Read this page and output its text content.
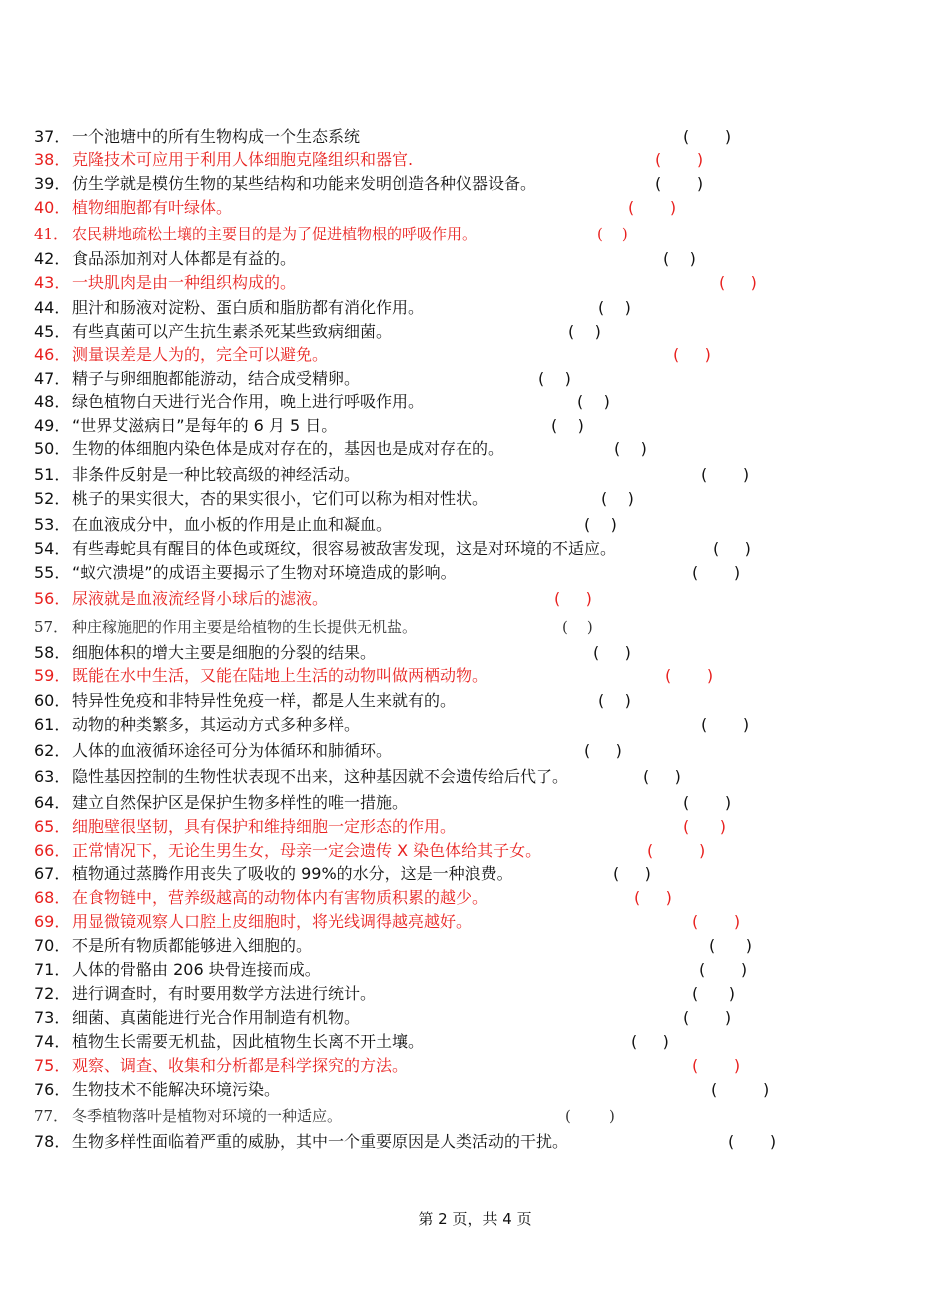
37． 一个池塘中的所有生物构成一个生态系统	(       )
38． 克隆技术可应用于利用人体细胞克隆组织和器官.	(       )
39． 仿生学就是模仿生物的某些结构和功能来发明创造各种仪器设备。	(       )
40． 植物细胞都有叶绿体。	(       )
41． 农民耕地疏松土壤的主要目的是为了促进植物根的呼吸作用。	(    )
42． 食品添加剂对人体都是有益的。	(    )
43． 一块肌肉是由一种组织构成的。	(     )
44． 胆汁和肠液对淀粉、蛋白质和脂肪都有消化作用。	(    )
45． 有些真菌可以产生抗生素杀死某些致病细菌。	(    )
46． 测量误差是人为的，完全可以避免。	(     )
47． 精子与卵细胞都能游动，结合成受精卵。	(    )
48． 绿色植物白天进行光合作用，晚上进行呼吸作用。	(    )
49． “世界艾滋病日”是每年的 6 月 5 日。	(    )
50． 生物的体细胞内染色体是成对存在的，基因也是成对存在的。	(    )
51． 非条件反射是一种比较高级的神经活动。	(       )
52． 桃子的果实很大，杏的果实很小，它们可以称为相对性状。	(    )
53． 在血液成分中，血小板的作用是止血和凝血。	(    )
54． 有些毒蛇具有醒目的体色或斑纹，很容易被敌害发现，这是对环境的不适应。	(     )
55． “蚁穴溃堤”的成语主要揭示了生物对环境造成的影响。	(       )
56． 尿液就是血液流经肾小球后的滤液。	(     )
57． 种庄稼施肥的作用主要是给植物的生长提供无机盐。	(    )
58． 细胞体积的增大主要是细胞的分裂的结果。	(     )
59． 既能在水中生活，又能在陆地上生活的动物叫做两栖动物。	(       )
60． 特异性免疫和非特异性免疫一样，都是人生来就有的。	(    )
61． 动物的种类繁多，其运动方式多种多样。	(       )
62． 人体的血液循环途径可分为体循环和肺循环。	(     )
63． 隐性基因控制的生物性状表现不出来，这种基因就不会遗传给后代了。	(     )
64． 建立自然保护区是保护生物多样性的唯一措施。	(       )
65． 细胞壁很坚韧，具有保护和维持细胞一定形态的作用。	(      )
66． 正常情况下，无论生男生女，母亲一定会遗传 X 染色体给其子女。	(         )
67． 植物通过蒸腾作用丧失了吸收的 99%的水分，这是一种浪费。	(     )
68． 在食物链中，营养级越高的动物体内有害物质积累的越少。	(     )
69． 用显微镜观察人口腔上皮细胞时，将光线调得越亮越好。	(       )
70． 不是所有物质都能够进入细胞的。	(      )
71． 人体的骨骼由 206 块骨连接而成。	(       )
72． 进行调查时，有时要用数学方法进行统计。	(      )
73． 细菌、真菌能进行光合作用制造有机物。	(       )
74． 植物生长需要无机盐，因此植物生长离不开土壤。	(     )
75． 观察、调查、收集和分析都是科学探究的方法。	(       )
76． 生物技术不能解决环境污染。	(         )
77． 冬季植物落叶是植物对环境的一种适应。	(        )
78． 生物多样性面临着严重的威胁，其中一个重要原因是人类活动的干扰。	(       )
第 2 页，共 4 页
